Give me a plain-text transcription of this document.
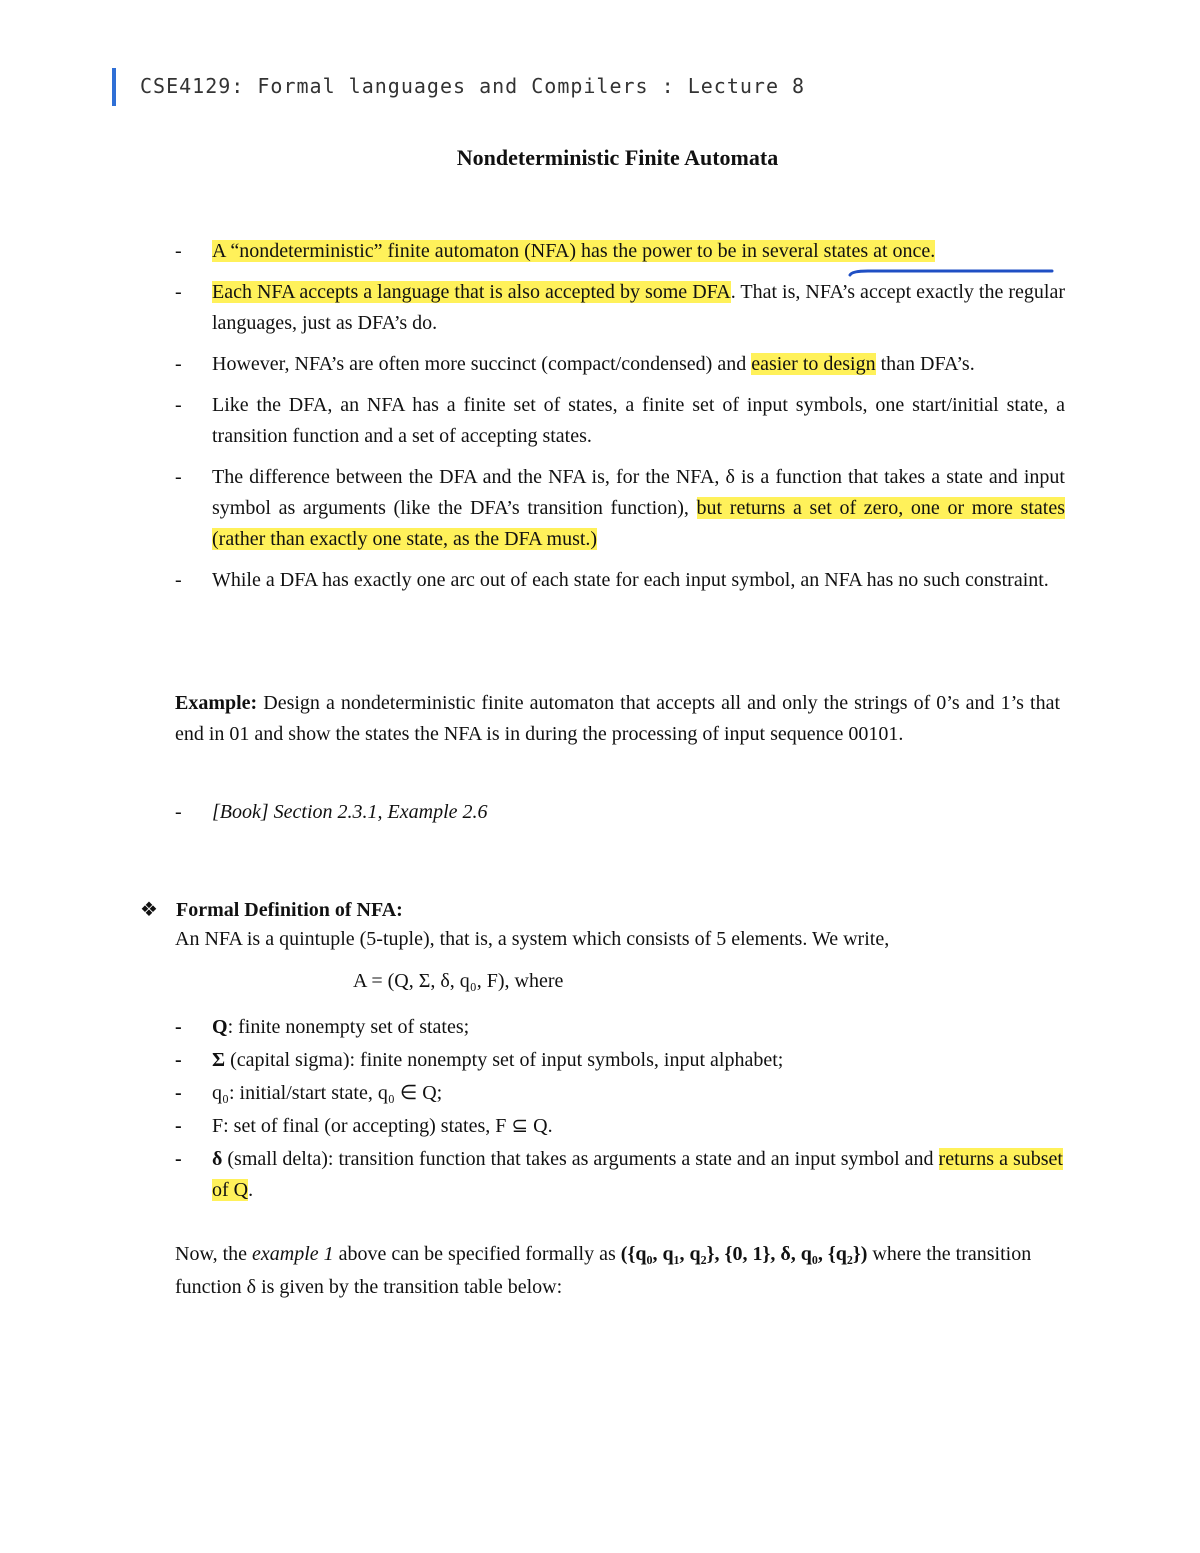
CSE4129: Formal languages and Compilers : Lecture 8
Nondeterministic Finite Automata
- A “nondeterministic” finite automaton (NFA) has the power to be in several states at once.
- Each NFA accepts a language that is also accepted by some DFA. That is, NFA’s accept exactly the regular languages, just as DFA’s do.
- However, NFA’s are often more succinct (compact/condensed) and easier to design than DFA’s.
- Like the DFA, an NFA has a finite set of states, a finite set of input symbols, one start/initial state, a transition function and a set of accepting states.
- The difference between the DFA and the NFA is, for the NFA, δ is a function that takes a state and input symbol as arguments (like the DFA’s transition function), but returns a set of zero, one or more states (rather than exactly one state, as the DFA must.)
- While a DFA has exactly one arc out of each state for each input symbol, an NFA has no such constraint.
Example: Design a nondeterministic finite automaton that accepts all and only the strings of 0’s and 1’s that end in 01 and show the states the NFA is in during the processing of input sequence 00101.
- [Book] Section 2.3.1, Example 2.6
❖ Formal Definition of NFA:
An NFA is a quintuple (5-tuple), that is, a system which consists of 5 elements. We write,
A = (Q, Σ, δ, q₀, F), where
- Q: finite nonempty set of states;
- Σ (capital sigma): finite nonempty set of input symbols, input alphabet;
- q₀: initial/start state, q₀ ∈ Q;
- F: set of final (or accepting) states, F ⊆ Q.
- δ (small delta): transition function that takes as arguments a state and an input symbol and returns a subset of Q.
Now, the example 1 above can be specified formally as ({q₀, q₁, q₂}, {0, 1}, δ, q₀, {q₂}) where the transition function δ is given by the transition table below:
